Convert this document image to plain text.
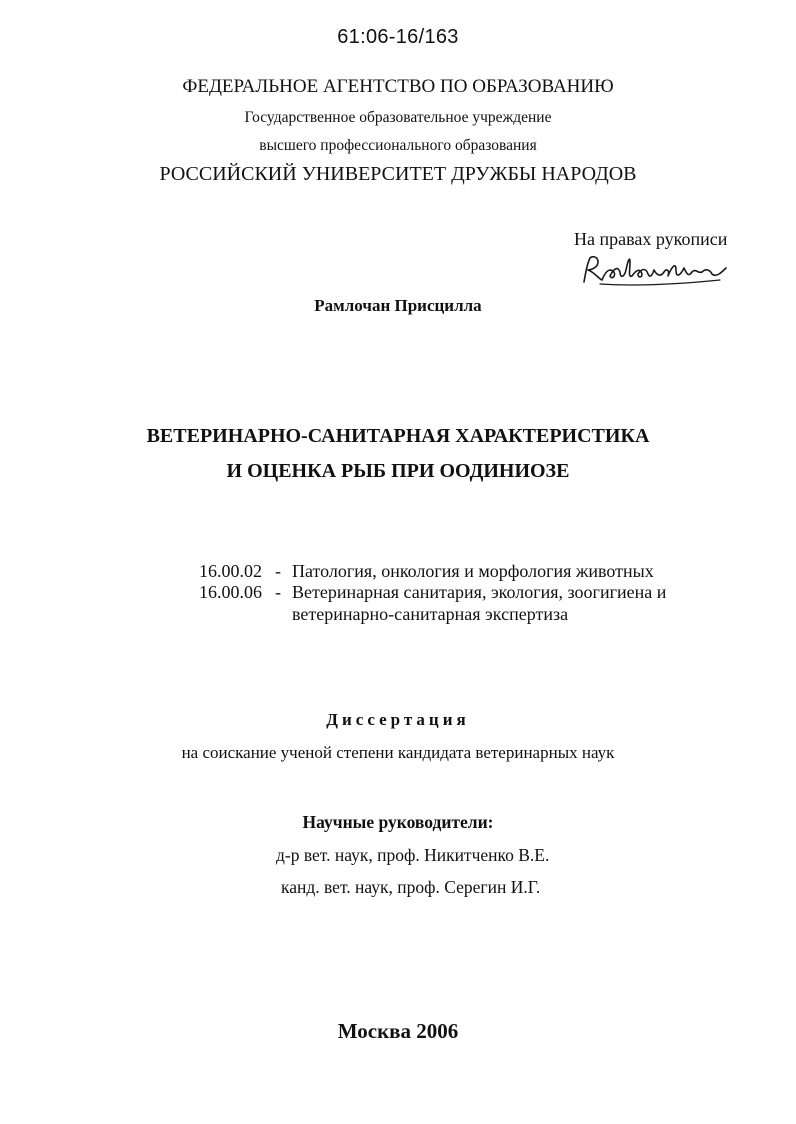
61:06-16/163
ФЕДЕРАЛЬНОЕ АГЕНТСТВО ПО ОБРАЗОВАНИЮ
Государственное образовательное учреждение
высшего профессионального образования
РОССИЙСКИЙ УНИВЕРСИТЕТ ДРУЖБЫ НАРОДОВ
На правах рукописи
Рамлочан Присцилла
ВЕТЕРИНАРНО-САНИТАРНАЯ ХАРАКТЕРИСТИКА
И ОЦЕНКА РЫБ ПРИ ООДИНИОЗЕ
16.00.02 - Патология, онкология и морфология животных
16.00.06 - Ветеринарная санитария, экология, зоогигиена и
ветеринарно-санитарная экспертиза
Диссертация
на соискание ученой степени кандидата ветеринарных наук
Научные руководители:
д-р вет. наук, проф. Никитченко В.Е.
канд. вет. наук, проф. Серегин И.Г.
Москва 2006
